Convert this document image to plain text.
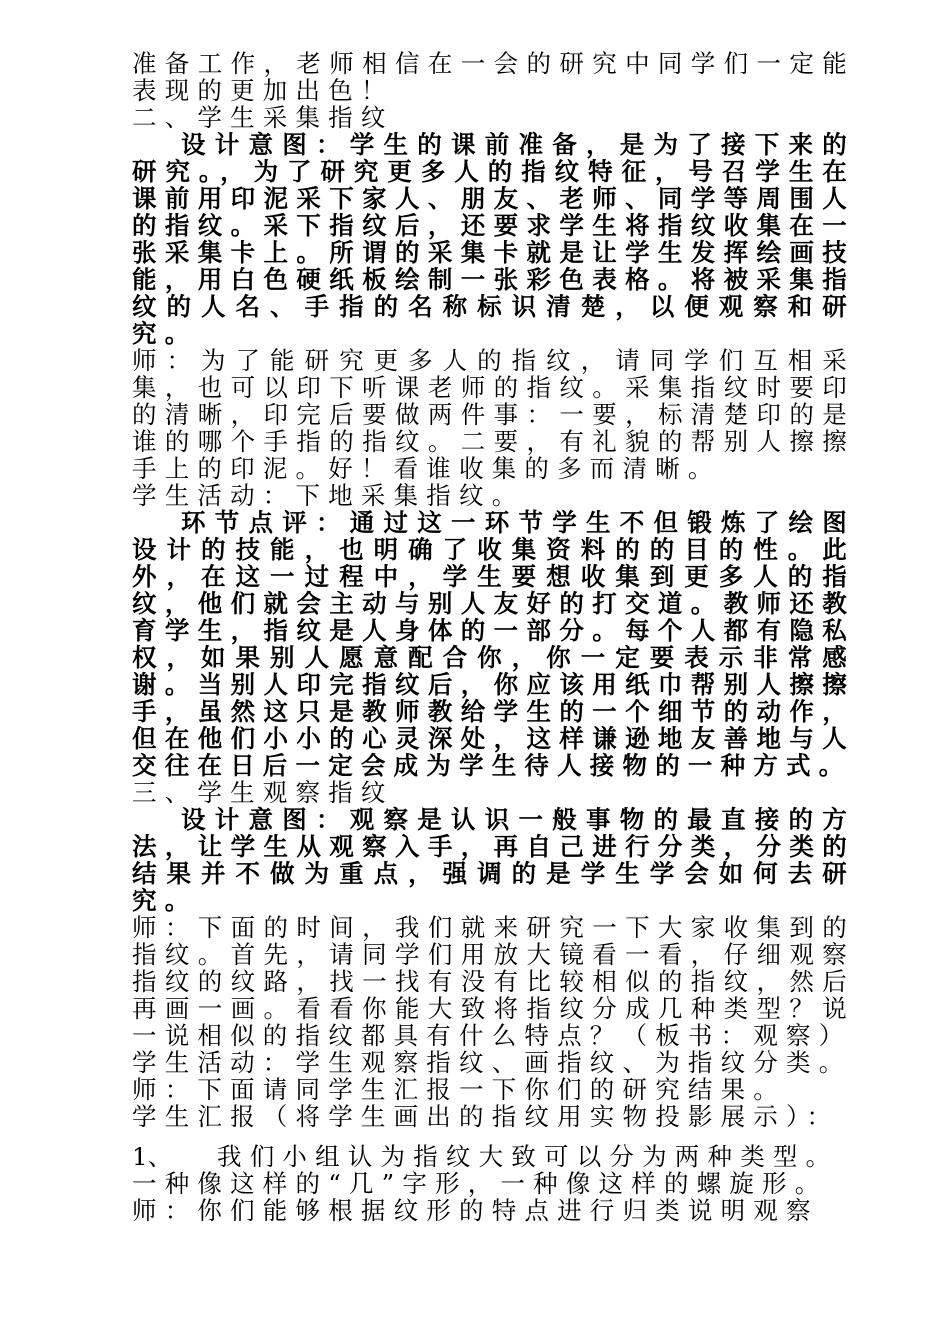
准备工作，老师相信在一会的研究中同学们一定能表现的更加出色！

二、学生采集指纹

设计意图：学生的课前准备，是为了接下来的研究。，为了研究更多人的指纹特征，号召学生在课前用印泥采下家人、朋友、老师、同学等周围人的指纹。采下指纹后，还要求学生将指纹收集在一张采集卡上。所谓的采集卡就是让学生发挥绘画技能，用白色硬纸板绘制一张彩色表格。将被采集指纹的人名、手指的名称标识清楚，以便观察和研究。

师：为了能研究更多人的指纹，请同学们互相采集，也可以印下听课老师的指纹。采集指纹时要印的清晰，印完后要做两件事：一要，标清楚印的是谁的哪个手指的指纹。二要，有礼貌的帮别人擦擦手上的印泥。好！看谁收集的多而清晰。

学生活动：下地采集指纹。

环节点评：通过这一环节学生不但锻炼了绘图设计的技能，也明确了收集资料的的目的性。此外，在这一过程中，学生要想收集到更多人的指纹，他们就会主动与别人友好的打交道。教师还教育学生，指纹是人身体的一部分。每个人都有隐私权，如果别人愿意配合你，你一定要表示非常感谢。当别人印完指纹后，你应该用纸巾帮别人擦擦手，虽然这只是教师教给学生的一个细节的动作，但在他们小小的心灵深处，这样谦逊地友善地与人交往在日后一定会成为学生待人接物的一种方式。

三、学生观察指纹

设计意图：观察是认识一般事物的最直接的方法，让学生从观察入手，再自己进行分类，分类的结果并不做为重点，强调的是学生学会如何去研究。

师：下面的时间，我们就来研究一下大家收集到的指纹。首先，请同学们用放大镜看一看，仔细观察指纹的纹路，找一找有没有比较相似的指纹，然后再画一画。看看你能大致将指纹分成几种类型？说一说相似的指纹都具有什么特点？（板书：观察）

学生活动：学生观察指纹、画指纹、为指纹分类。

师：下面请同学生汇报一下你们的研究结果。

学生汇报（将学生画出的指纹用实物投影展示）：

1、	我们小组认为指纹大致可以分为两种类型。

一种像这样的“几”字形，一种像这样的螺旋形。

师：你们能够根据纹形的特点进行归类说明观察
